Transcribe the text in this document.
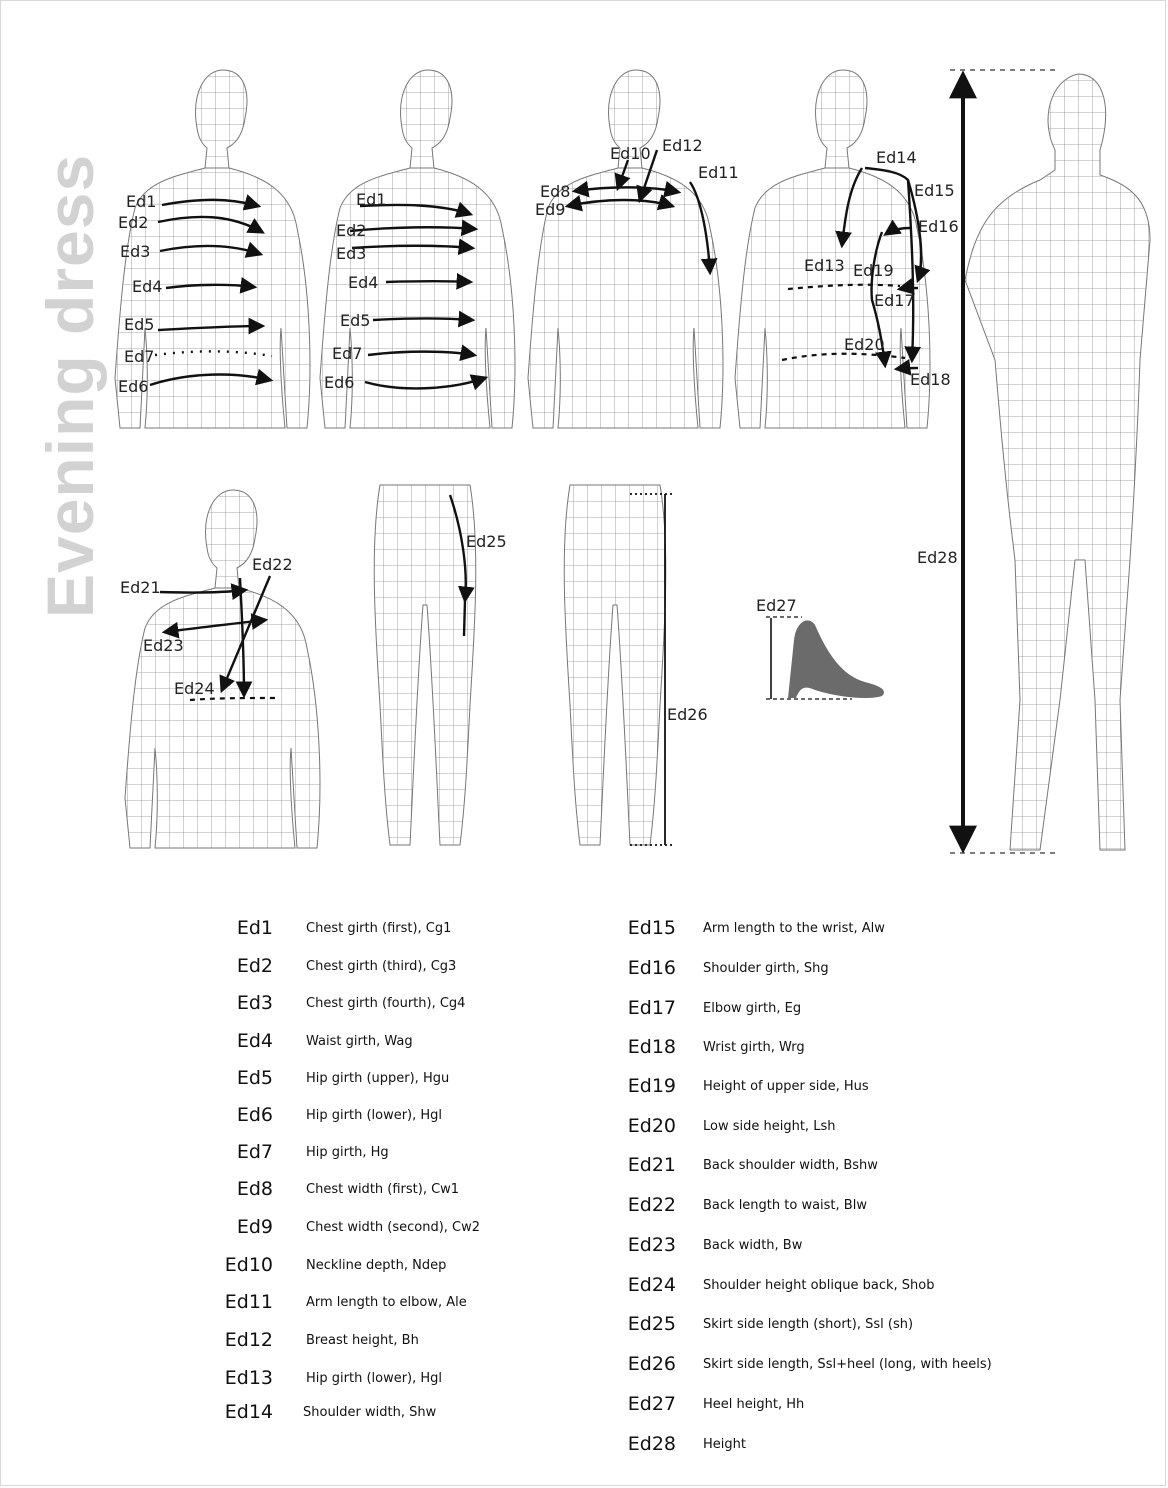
Evening dress Ed1
Ed2
Ed3
Ed4
Ed5
Ed7
Ed6
Ed1
Ed2
Ed3
Ed4
Ed5
Ed7
Ed6
Ed8
Ed9
Ed10 Ed12
Ed11
Ed14
Ed15
Ed16
Ed13 Ed19
Ed17
Ed20
Ed18
Ed28
Ed21
Ed22
Ed23
Ed24
Ed25
Ed26
Ed27
Ed1	Chest girth (first), Cg1
Ed2	Chest girth (third), Cg3
Ed3	Chest girth (fourth), Cg4
Ed4	Waist girth, Wag
Ed5	Hip girth (upper), Hgu
Ed6	Hip girth (lower), Hgl
Ed7	Hip girth, Hg
Ed8	Chest width (first), Cw1
Ed9	Chest width (second), Cw2
Ed10	Neckline depth, Ndep
Ed11	Arm length to elbow, Ale
Ed12	Breast height, Bh
Ed13	Hip girth (lower), Hgl
Ed14 Shoulder width, Shw
Ed15 Arm length to the wrist, Alw
Ed16 Shoulder girth, Shg
Ed17 Elbow girth, Eg
Ed18 Wrist girth, Wrg
Ed19 Height of upper side, Hus
Ed20 Low side height, Lsh
Ed21 Back shoulder width, Bshw
Ed22 Back length to waist, Blw
Ed23 Back width, Bw
Ed24 Shoulder height oblique back, Shob
Ed25 Skirt side length (short), Ssl (sh)
Ed26 Skirt side length, Ssl+heel (long, with heels)
Ed27 Heel height, Hh
Ed28 Height
